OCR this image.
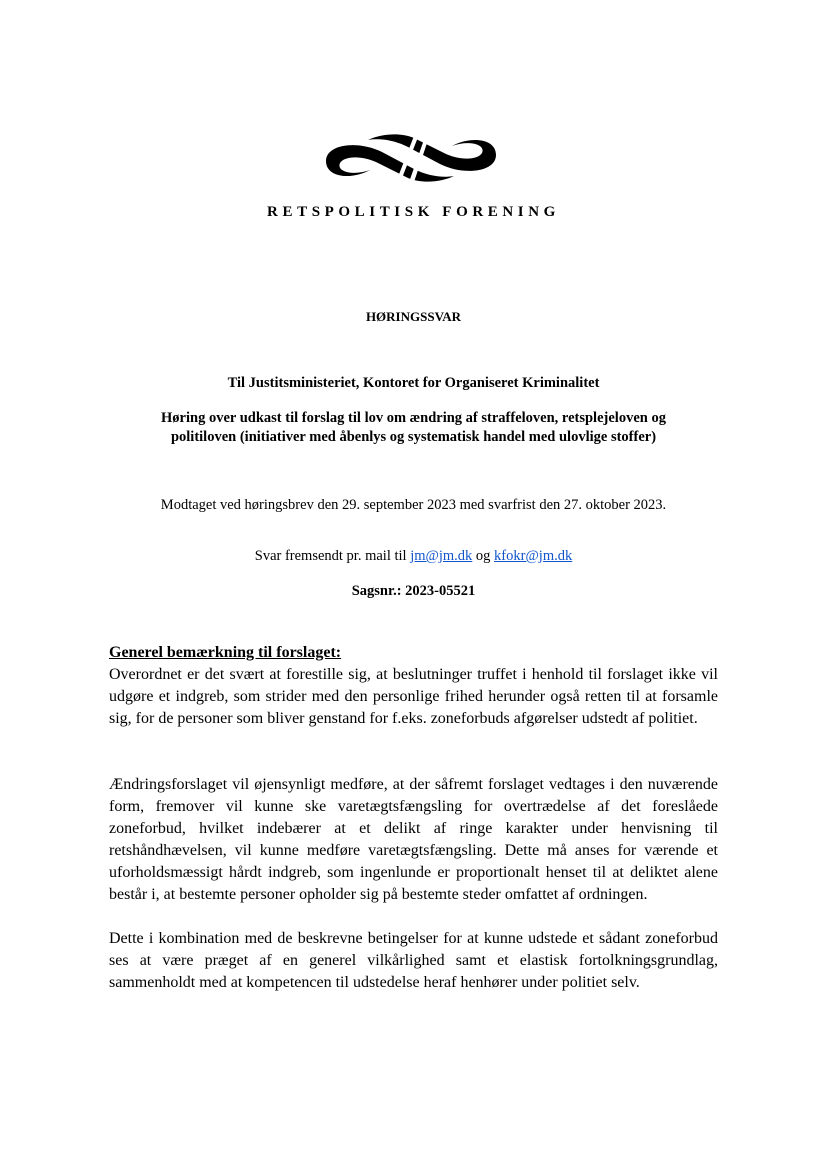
RETSPOLITISK FORENING
HØRINGSSVAR
Til Justitsministeriet, Kontoret for Organiseret Kriminalitet
Høring over udkast til forslag til lov om ændring af straffeloven, retsplejeloven og politiloven (initiativer med åbenlys og systematisk handel med ulovlige stoffer)
Modtaget ved høringsbrev den 29. september 2023 med svarfrist den 27. oktober 2023.
Svar fremsendt pr. mail til jm@jm.dk og kfokr@jm.dk
Sagsnr.: 2023-05521
Generel bemærkning til forslaget:
Overordnet er det svært at forestille sig, at beslutninger truffet i henhold til forslaget ikke vil udgøre et indgreb, som strider med den personlige frihed herunder også retten til at forsamle sig, for de personer som bliver genstand for f.eks. zoneforbuds afgørelser udstedt af politiet.
Ændringsforslaget vil øjensynligt medføre, at der såfremt forslaget vedtages i den nuværende form, fremover vil kunne ske varetægtsfængsling for overtrædelse af det foreslåede zoneforbud, hvilket indebærer at et delikt af ringe karakter under henvisning til retshåndhævelsen, vil kunne medføre varetægtsfængsling. Dette må anses for værende et uforholdsmæssigt hårdt indgreb, som ingenlunde er proportionalt henset til at deliktet alene består i, at bestemte personer opholder sig på bestemte steder omfattet af ordningen.
Dette i kombination med de beskrevne betingelser for at kunne udstede et sådant zoneforbud ses at være præget af en generel vilkårlighed samt et elastisk fortolkningsgrundlag, sammenholdt med at kompetencen til udstedelse heraf henhører under politiet selv.
